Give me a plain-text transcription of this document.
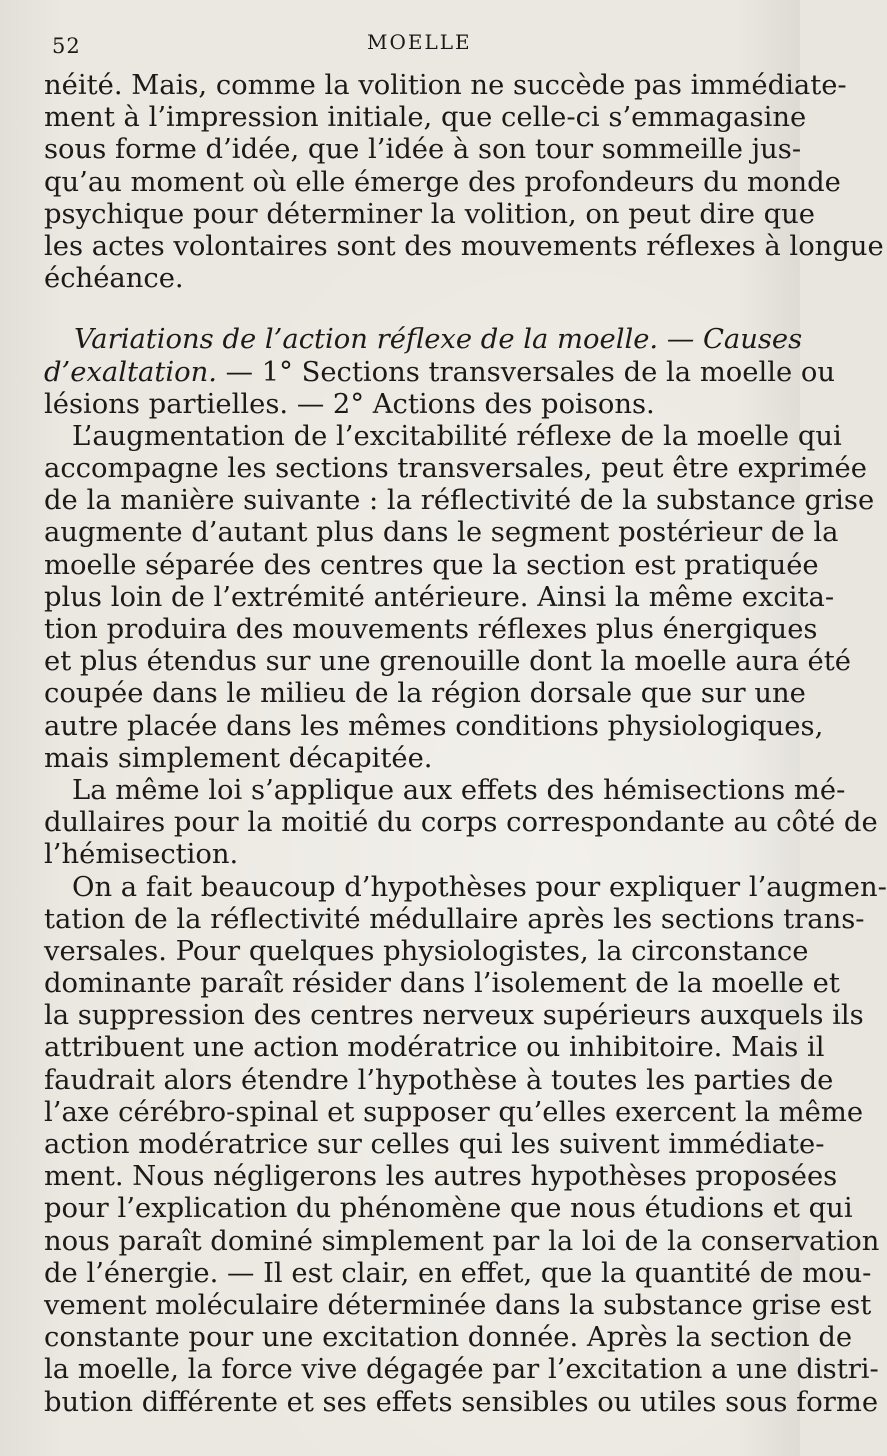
52	MOELLE
néité. Mais, comme la volition ne succède pas immédiate-
ment à l’impression initiale, que celle-ci s’emmagasine
sous forme d’idée, que l’idée à son tour sommeille jus-
qu’au moment où elle émerge des profondeurs du monde
psychique pour déterminer la volition, on peut dire que
les actes volontaires sont des mouvements réflexes à longue
échéance.
Variations de l’action réflexe de la moelle. — Causes
d’exaltation. — 1° Sections transversales de la moelle ou
lésions partielles. — 2° Actions des poisons.
L’augmentation de l’excitabilité réflexe de la moelle qui
accompagne les sections transversales, peut être exprimée
de la manière suivante : la réflectivité de la substance grise
augmente d’autant plus dans le segment postérieur de la
moelle séparée des centres que la section est pratiquée
plus loin de l’extrémité antérieure. Ainsi la même excita-
tion produira des mouvements réflexes plus énergiques
et plus étendus sur une grenouille dont la moelle aura été
coupée dans le milieu de la région dorsale que sur une
autre placée dans les mêmes conditions physiologiques,
mais simplement décapitée.
La même loi s’applique aux effets des hémisections mé-
dullaires pour la moitié du corps correspondante au côté de
l’hémisection.
On a fait beaucoup d’hypothèses pour expliquer l’augmen-
tation de la réflectivité médullaire après les sections trans-
versales. Pour quelques physiologistes, la circonstance
dominante paraît résider dans l’isolement de la moelle et
la suppression des centres nerveux supérieurs auxquels ils
attribuent une action modératrice ou inhibitoire. Mais il
faudrait alors étendre l’hypothèse à toutes les parties de
l’axe cérébro-spinal et supposer qu’elles exercent la même
action modératrice sur celles qui les suivent immédiate-
ment. Nous négligerons les autres hypothèses proposées
pour l’explication du phénomène que nous étudions et qui
nous paraît dominé simplement par la loi de la conservation
de l’énergie. — Il est clair, en effet, que la quantité de mou-
vement moléculaire déterminée dans la substance grise est
constante pour une excitation donnée. Après la section de
la moelle, la force vive dégagée par l’excitation a une distri-
bution différente et ses effets sensibles ou utiles sous forme
